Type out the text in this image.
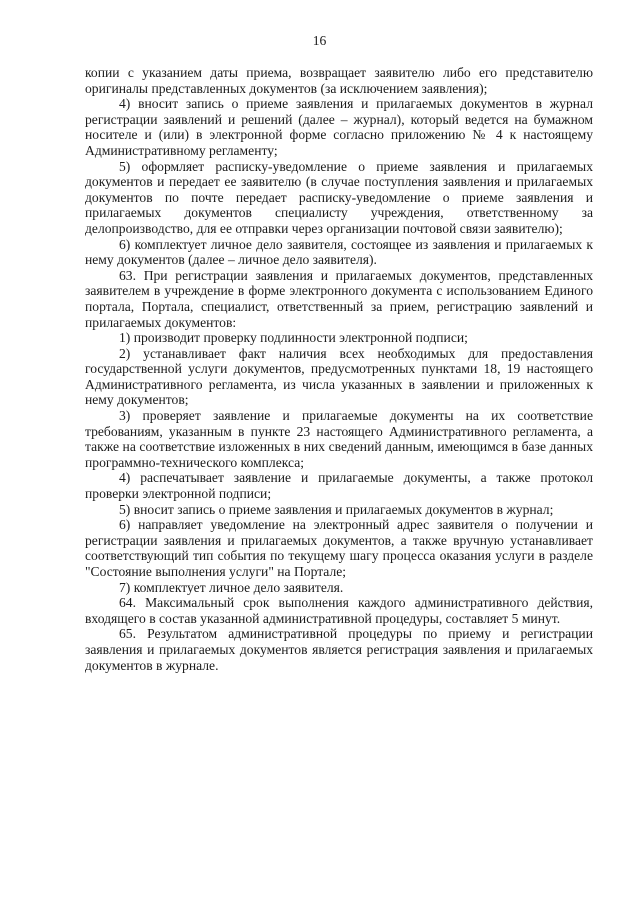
16

копии с указанием даты приема, возвращает заявителю либо его представителю оригиналы представленных документов (за исключением заявления);

4) вносит запись о приеме заявления и прилагаемых документов в журнал регистрации заявлений и решений (далее – журнал), который ведется на бумажном носителе и (или) в электронной форме согласно приложению № 4 к настоящему Административному регламенту;

5) оформляет расписку-уведомление о приеме заявления и прилагаемых документов и передает ее заявителю (в случае поступления заявления и прилагаемых документов по почте передает расписку-уведомление о приеме заявления и прилагаемых документов специалисту учреждения, ответственному за делопроизводство, для ее отправки через организации почтовой связи заявителю);

6) комплектует личное дело заявителя, состоящее из заявления и прилагаемых к нему документов (далее – личное дело заявителя).

63. При регистрации заявления и прилагаемых документов, представленных заявителем в учреждение в форме электронного документа с использованием Единого портала, Портала, специалист, ответственный за прием, регистрацию заявлений и прилагаемых документов:

1) производит проверку подлинности электронной подписи;

2) устанавливает факт наличия всех необходимых для предоставления государственной услуги документов, предусмотренных пунктами 18, 19 настоящего Административного регламента, из числа указанных в заявлении и приложенных к нему документов;

3) проверяет заявление и прилагаемые документы на их соответствие требованиям, указанным в пункте 23 настоящего Административного регламента, а также на соответствие изложенных в них сведений данным, имеющимся в базе данных программно-технического комплекса;

4) распечатывает заявление и прилагаемые документы, а также протокол проверки электронной подписи;

5) вносит запись о приеме заявления и прилагаемых документов в журнал;

6) направляет уведомление на электронный адрес заявителя о получении и регистрации заявления и прилагаемых документов, а также вручную устанавливает соответствующий тип события по текущему шагу процесса оказания услуги в разделе "Состояние выполнения услуги" на Портале;

7) комплектует личное дело заявителя.

64. Максимальный срок выполнения каждого административного действия, входящего в состав указанной административной процедуры, составляет 5 минут.

65. Результатом административной процедуры по приему и регистрации заявления и прилагаемых документов является регистрация заявления и прилагаемых документов в журнале.
